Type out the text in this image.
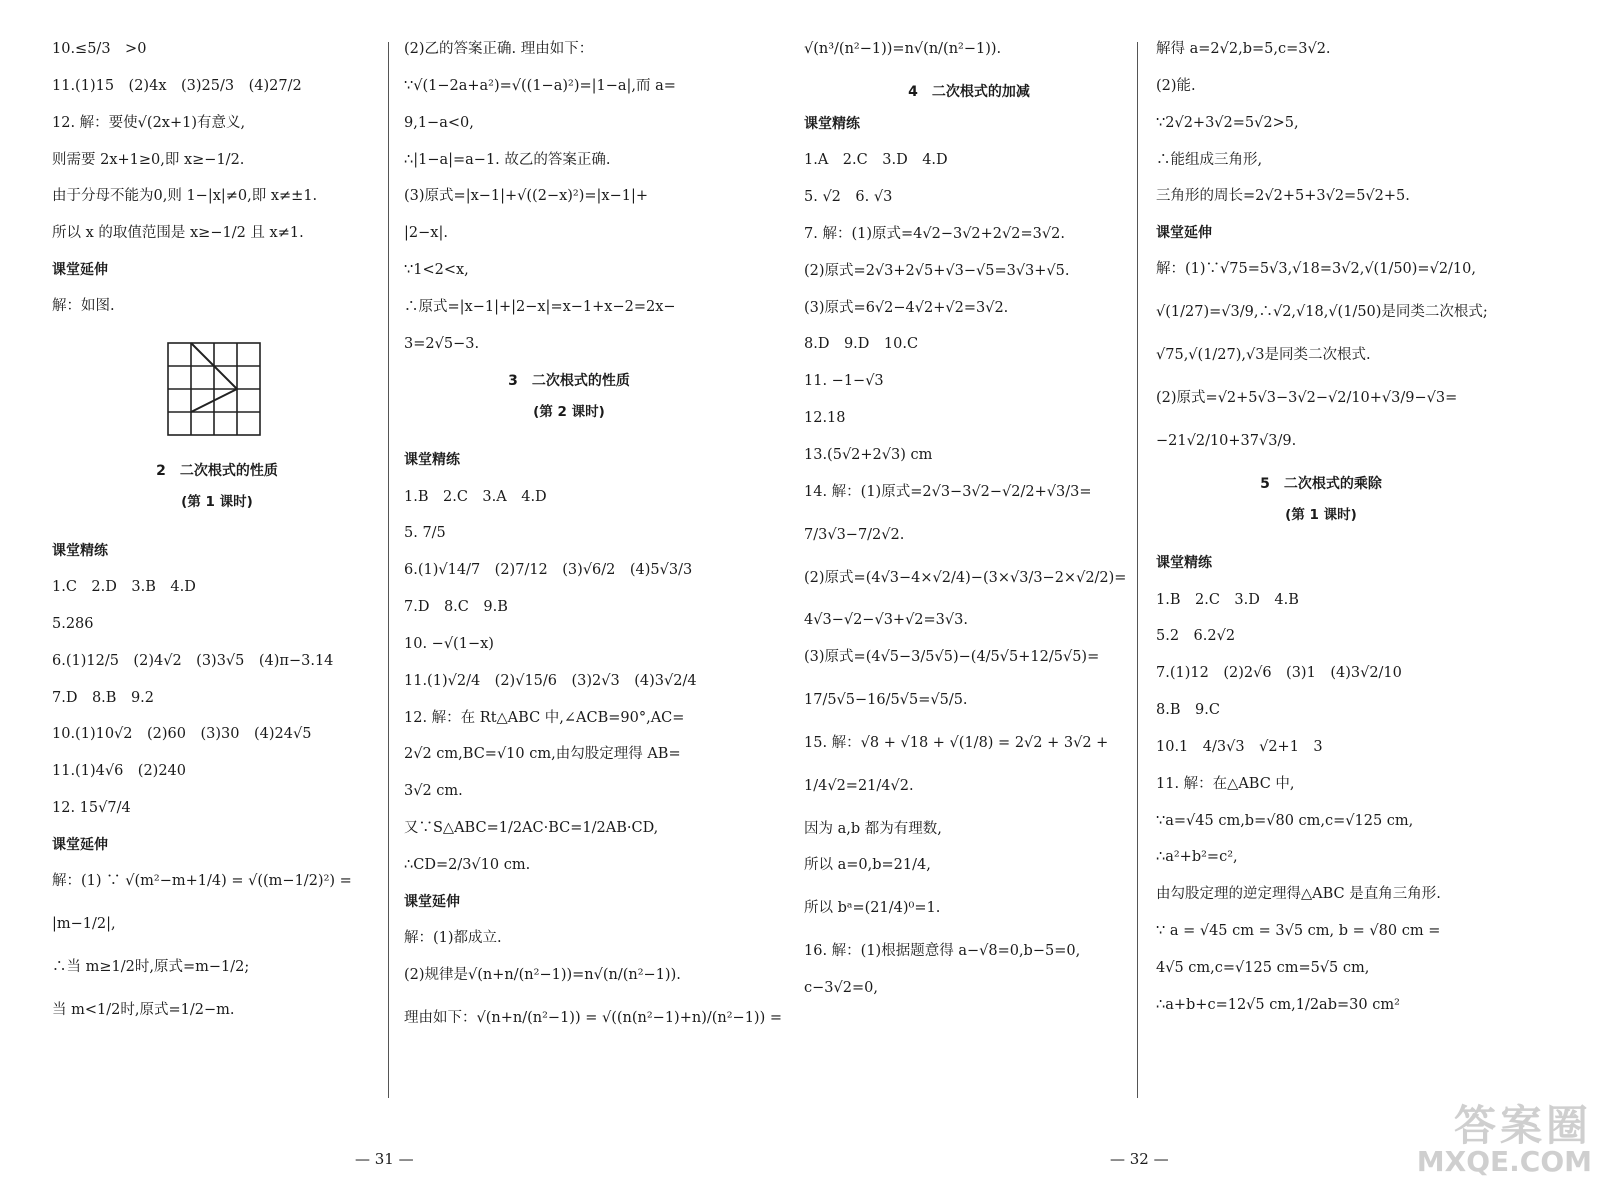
10.≤5/3　>0

11.(1)15　(2)4x　(3)25/3　(4)27/2

12. 解：要使√(2x+1)有意义,

则需要 2x+1≥0,即 x≥−1/2.

由于分母不能为0,则 1−|x|≠0,即 x≠±1.

所以 x 的取值范围是 x≥−1/2 且 x≠1.

课堂延伸

解：如图.

2　二次根式的性质

(第 1 课时)

课堂精练

1.C　2.D　3.B　4.D

5.286

6.(1)12/5　(2)4√2　(3)3√5　(4)π−3.14

7.D　8.B　9.2

10.(1)10√2　(2)60　(3)30　(4)24√5

11.(1)4√6　(2)240

12. 15√7/4

课堂延伸

解：(1) ∵ √(m²−m+1/4) = √((m−1/2)²) =

|m−1/2|,

∴当 m≥1/2时,原式=m−1/2;

当 m<1/2时,原式=1/2−m.

(2)乙的答案正确. 理由如下：

∵√(1−2a+a²)=√((1−a)²)=|1−a|,而 a=

9,1−a<0,

∴|1−a|=a−1. 故乙的答案正确.

(3)原式=|x−1|+√((2−x)²)=|x−1|+

|2−x|.

∵1<2<x,

∴原式=|x−1|+|2−x|=x−1+x−2=2x−

3=2√5−3.

3　二次根式的性质

(第 2 课时)

课堂精练

1.B　2.C　3.A　4.D

5. 7/5

6.(1)√14/7　(2)7/12　(3)√6/2　(4)5√3/3

7.D　8.C　9.B

10. −√(1−x)

11.(1)√2/4　(2)√15/6　(3)2√3　(4)3√2/4

12. 解：在 Rt△ABC 中,∠ACB=90°,AC=

2√2 cm,BC=√10 cm,由勾股定理得 AB=

3√2 cm.

又∵S△ABC=1/2AC·BC=1/2AB·CD,

∴CD=2/3√10 cm.

课堂延伸

解：(1)都成立.

(2)规律是√(n+n/(n²−1))=n√(n/(n²−1)).

理由如下：√(n+n/(n²−1)) = √((n(n²−1)+n)/(n²−1)) =

√(n³/(n²−1))=n√(n/(n²−1)).

4　二次根式的加减

课堂精练

1.A　2.C　3.D　4.D

5. √2　6. √3

7. 解：(1)原式=4√2−3√2+2√2=3√2.

(2)原式=2√3+2√5+√3−√5=3√3+√5.

(3)原式=6√2−4√2+√2=3√2.

8.D　9.D　10.C

11. −1−√3

12.18

13.(5√2+2√3) cm

14. 解：(1)原式=2√3−3√2−√2/2+√3/3=

7/3√3−7/2√2.

(2)原式=(4√3−4×√2/4)−(3×√3/3−2×√2/2)=

4√3−√2−√3+√2=3√3.

(3)原式=(4√5−3/5√5)−(4/5√5+12/5√5)=

17/5√5−16/5√5=√5/5.

15. 解：√8 + √18 + √(1/8) = 2√2 + 3√2 +

1/4√2=21/4√2.

因为 a,b 都为有理数,

所以 a=0,b=21/4,

所以 bᵃ=(21/4)⁰=1.

16. 解：(1)根据题意得 a−√8=0,b−5=0,

c−3√2=0,

解得 a=2√2,b=5,c=3√2.

(2)能.

∵2√2+3√2=5√2>5,

∴能组成三角形,

三角形的周长=2√2+5+3√2=5√2+5.

课堂延伸

解：(1)∵√75=5√3,√18=3√2,√(1/50)=√2/10,

√(1/27)=√3/9,∴√2,√18,√(1/50)是同类二次根式;

√75,√(1/27),√3是同类二次根式.

(2)原式=√2+5√3−3√2−√2/10+√3/9−√3=

−21√2/10+37√3/9.

5　二次根式的乘除

(第 1 课时)

课堂精练

1.B　2.C　3.D　4.B

5.2　6.2√2

7.(1)12　(2)2√6　(3)1　(4)3√2/10

8.B　9.C

10.1　4/3√3　√2+1　3

11. 解：在△ABC 中,

∵a=√45 cm,b=√80 cm,c=√125 cm,

∴a²+b²=c²,

由勾股定理的逆定理得△ABC 是直角三角形.

∵ a = √45 cm = 3√5 cm, b = √80 cm =

4√5 cm,c=√125 cm=5√5 cm,

∴a+b+c=12√5 cm,1/2ab=30 cm²

— 31 —	— 32 —
答案圈
MXQE.COM
